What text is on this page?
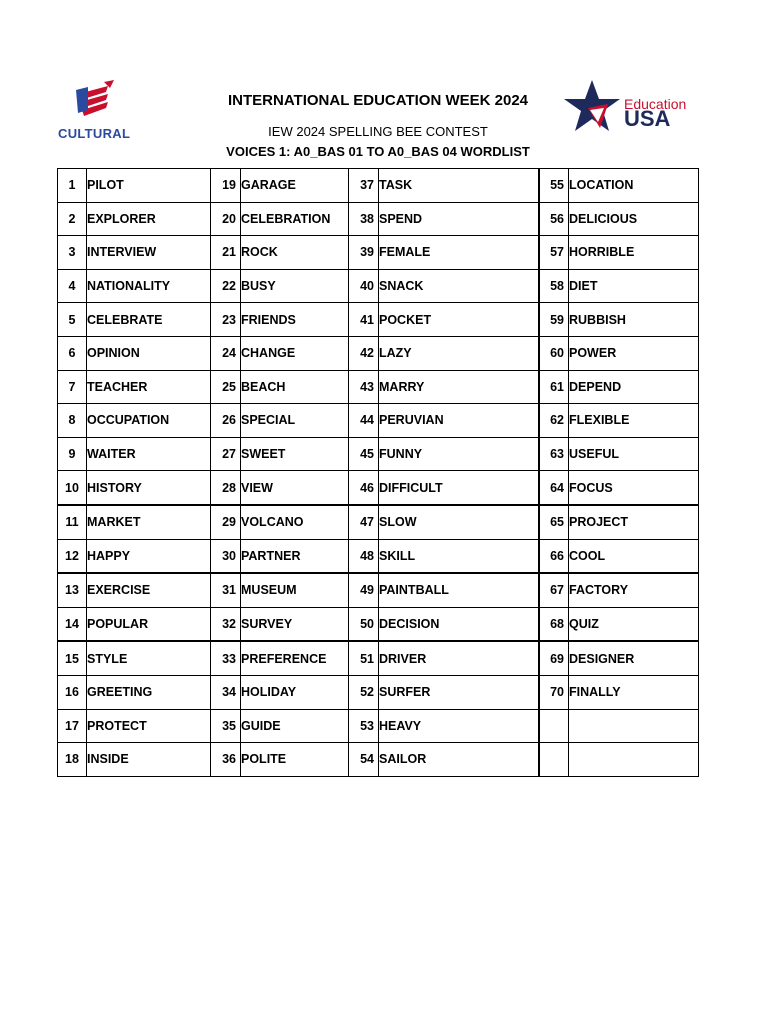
CULTURAL
Education
USA
INTERNATIONAL EDUCATION WEEK 2024
IEW 2024 SPELLING BEE CONTEST
VOICES 1: A0_BAS 01 TO A0_BAS 04 WORDLIST
1	PILOT	19	GARAGE	37	TASK	55	LOCATION
2	EXPLORER	20	CELEBRATION	38	SPEND	56	DELICIOUS
3	INTERVIEW	21	ROCK	39	FEMALE	57	HORRIBLE
4	NATIONALITY	22	BUSY	40	SNACK	58	DIET
5	CELEBRATE	23	FRIENDS	41	POCKET	59	RUBBISH
6	OPINION	24	CHANGE	42	LAZY	60	POWER
7	TEACHER	25	BEACH	43	MARRY	61	DEPEND
8	OCCUPATION	26	SPECIAL	44	PERUVIAN	62	FLEXIBLE
9	WAITER	27	SWEET	45	FUNNY	63	USEFUL
10	HISTORY	28	VIEW	46	DIFFICULT	64	FOCUS
11	MARKET	29	VOLCANO	47	SLOW	65	PROJECT
12	HAPPY	30	PARTNER	48	SKILL	66	COOL
13	EXERCISE	31	MUSEUM	49	PAINTBALL	67	FACTORY
14	POPULAR	32	SURVEY	50	DECISION	68	QUIZ
15	STYLE	33	PREFERENCE	51	DRIVER	69	DESIGNER
16	GREETING	34	HOLIDAY	52	SURFER	70	FINALLY
17	PROTECT	35	GUIDE	53	HEAVY		
18	INSIDE	36	POLITE	54	SAILOR		
